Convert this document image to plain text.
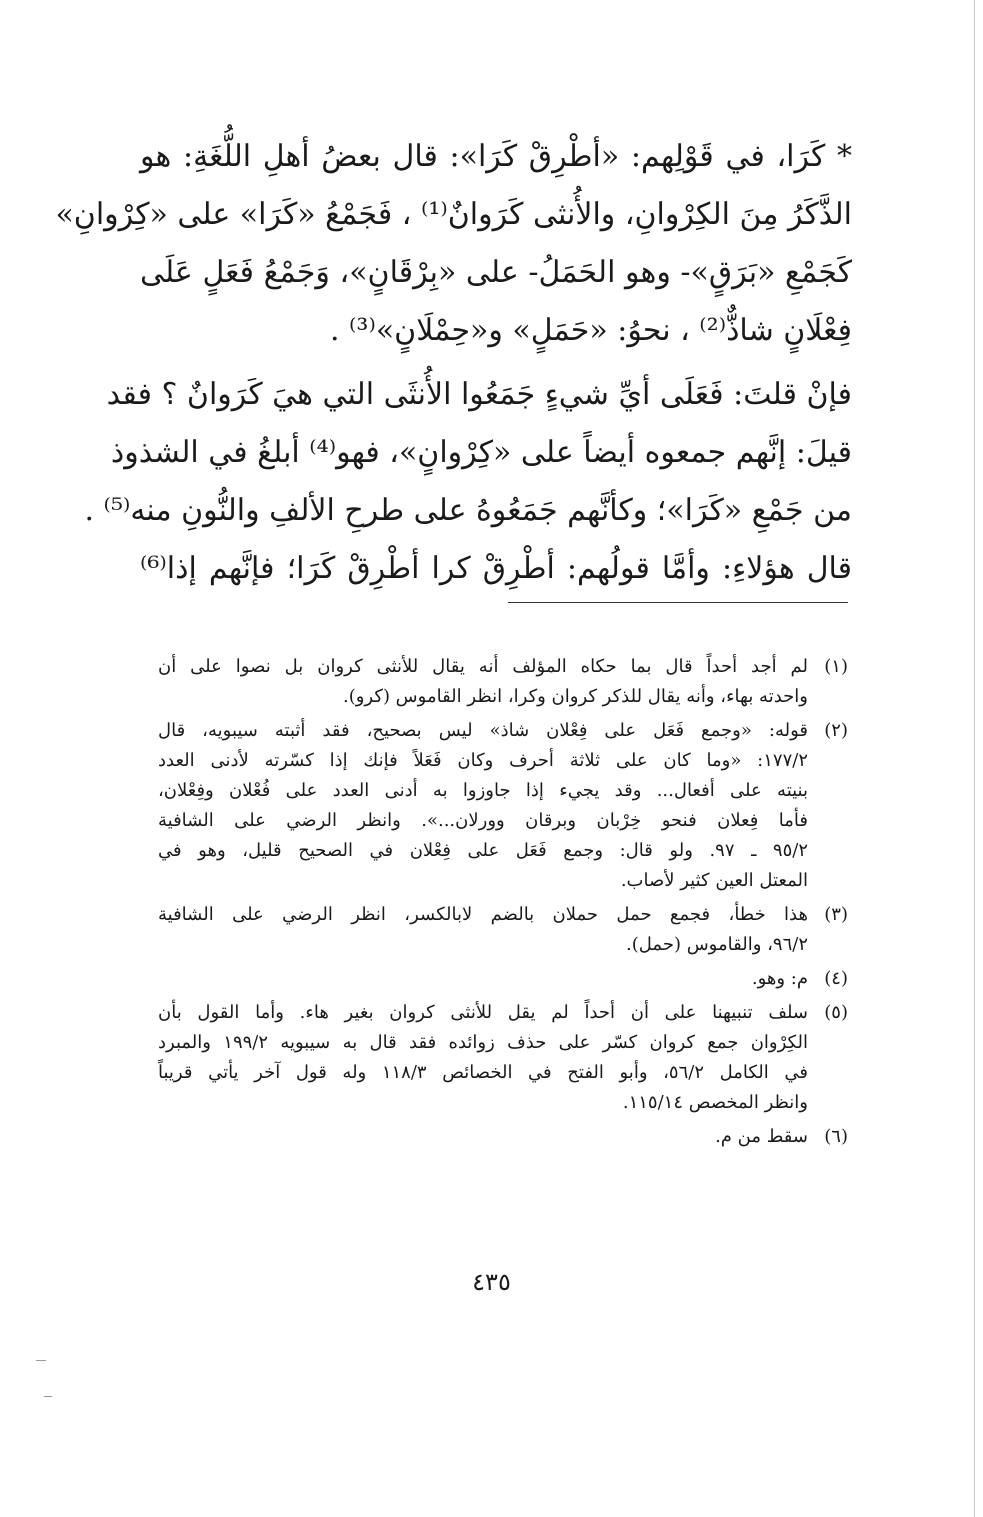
* كَرَا، في قَوْلِهم: «أطْرِقْ كَرَا»: قال بعضُ أهلِ اللُّغَةِ: هو
الذَّكَرُ مِنَ الكِرْوانِ، والأُنثى كَرَوانٌ⁽¹⁾ ، فَجَمْعُ «كَرَا» على «كِرْوانِ»
كَجَمْعِ «بَرَقٍ»- وهو الحَمَلُ- على «بِرْقَانٍ»، وَجَمْعُ فَعَلٍ عَلَى
فِعْلَانٍ شاذٌّ⁽²⁾ ، نحوُ: «حَمَلٍ» و«حِمْلَانٍ»⁽³⁾ .
فإنْ قلتَ: فَعَلَى أيِّ شيءٍ جَمَعُوا الأُنثَى التي هيَ كَرَوانٌ ؟ فقد
قيلَ: إنَّهم جمعوه أيضاً على «كِرْوانٍ»، فهو⁽⁴⁾ أبلغُ في الشذوذ
من جَمْعِ «كَرَا»؛ وكأنَّهم جَمَعُوهُ على طرحِ الألفِ والنُّونِ منه⁽⁵⁾ .
قال هؤلاءِ: وأمَّا قولُهم: أطْرِقْ كرا أطْرِقْ كَرَا؛ فإنَّهم إذا⁽⁶⁾
(١)
لم أجد أحداً قال بما حكاه المؤلف أنه يقال للأنثى كروان بل نصوا على أن
واحدته بهاء، وأنه يقال للذكر كروان وكرا، انظر القاموس (كرو).
(٢)
قوله: «وجمع فَعَل على فِعْلان شاذ» ليس بصحيح، فقد أثبته سيبويه، قال
١٧٧/٢: «وما كان على ثلاثة أحرف وكان فَعَلاً فإنك إذا كسّرته لأدنى العدد
بنيته على أفعال... وقد يجيء إذا جاوزوا به أدنى العدد على فُعْلان وفِعْلان،
فأما فِعلان فنحو خِرْبان وبرقان وورلان...». وانظر الرضي على الشافية
٩٥/٢ ـ ٩٧. ولو قال: وجمع فَعَل على فِعْلان في الصحيح قليل، وهو في
المعتل العين كثير لأصاب.
(٣)
هذا خطأ، فجمع حمل حملان بالضم لابالكسر، انظر الرضي على الشافية
٩٦/٢، والقاموس (حمل).
(٤)
م: وهو.
(٥)
سلف تنبيهنا على أن أحداً لم يقل للأنثى كروان بغير هاء. وأما القول بأن
الكِرْوان جمع كروان كسّر على حذف زوائده فقد قال به سيبويه ١٩٩/٢ والمبرد
في الكامل ٥٦/٢، وأبو الفتح في الخصائص ١١٨/٣ وله قول آخر يأتي قريباً
وانظر المخصص ١١٥/١٤.
(٦)
سقط من م.
٤٣٥
